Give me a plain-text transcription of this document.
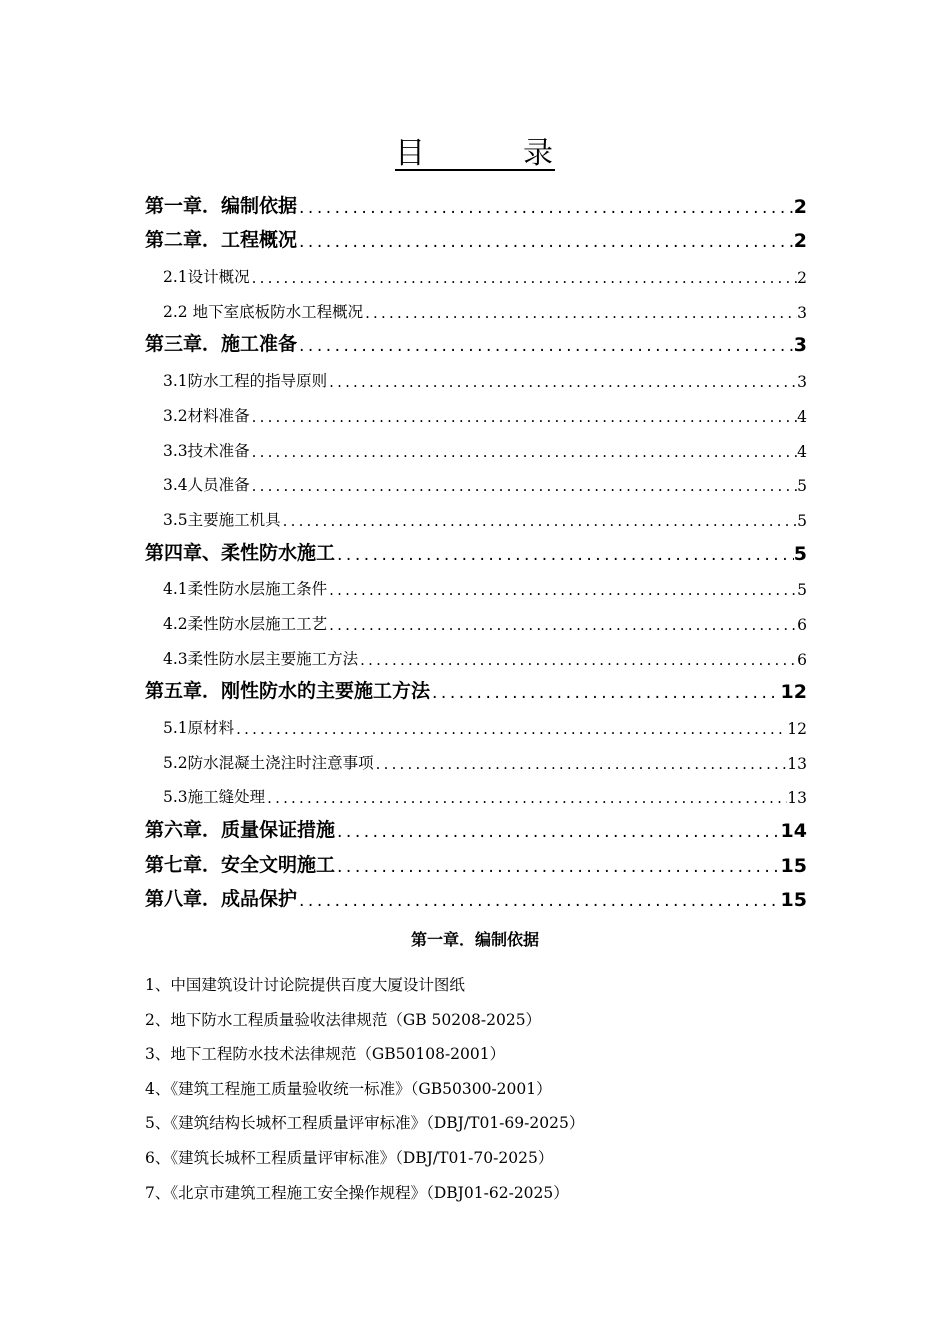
目　　　录
第一章．编制依据 .....	2
第二章．工程概况 .....	2
2.1设计概况 .....	2
2.2 地下室底板防水工程概况 .....	3
第三章．施工准备 .....	3
3.1防水工程的指导原则 .....	3
3.2材料准备 .....	4
3.3技术准备 .....	4
3.4人员准备 .....	5
3.5主要施工机具 .....	5
第四章、柔性防水施工 .....	5
4.1柔性防水层施工条件 .....	5
4.2柔性防水层施工工艺 .....	6
4.3柔性防水层主要施工方法 .....	6
第五章．刚性防水的主要施工方法 .....	12
5.1原材料 .....	12
5.2防水混凝土浇注时注意事项 .....	13
5.3施工缝处理 .....	13
第六章．质量保证措施 .....	14
第七章．安全文明施工 .....	15
第八章．成品保护 .....	15
第一章．编制依据
1、中国建筑设计讨论院提供百度大厦设计图纸
2、地下防水工程质量验收法律规范（GB 50208-2025）
3、地下工程防水技术法律规范（GB50108-2001）
4、《建筑工程施工质量验收统一标准》（GB50300-2001）
5、《建筑结构长城杯工程质量评审标准》（DBJ/T01-69-2025）
6、《建筑长城杯工程质量评审标准》（DBJ/T01-70-2025）
7、《北京市建筑工程施工安全操作规程》（DBJ01-62-2025）
